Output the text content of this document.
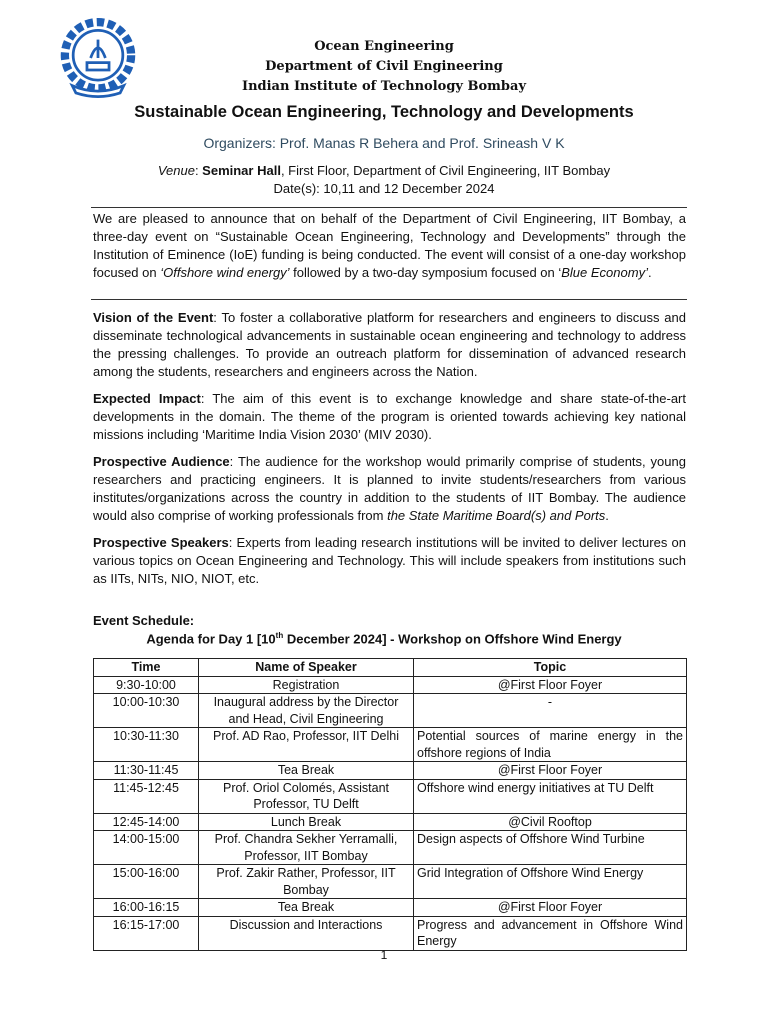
Ocean Engineering
Department of Civil Engineering
Indian Institute of Technology Bombay
Sustainable Ocean Engineering, Technology and Developments
Organizers: Prof. Manas R Behera and Prof. Srineash V K
Venue: Seminar Hall, First Floor, Department of Civil Engineering, IIT Bombay
Date(s): 10,11 and 12 December 2024

We are pleased to announce that on behalf of the Department of Civil Engineering, IIT Bombay, a three-day event on “Sustainable Ocean Engineering, Technology and Developments” through the Institution of Eminence (IoE) funding is being conducted. The event will consist of a one-day workshop focused on ‘Offshore wind energy’ followed by a two-day symposium focused on ‘Blue Economy’.

Vision of the Event: To foster a collaborative platform for researchers and engineers to discuss and disseminate technological advancements in sustainable ocean engineering and technology to address the pressing challenges. To provide an outreach platform for dissemination of advanced research among the students, researchers and engineers across the Nation.

Expected Impact: The aim of this event is to exchange knowledge and share state-of-the-art developments in the domain. The theme of the program is oriented towards achieving key national missions including ‘Maritime India Vision 2030’ (MIV 2030).

Prospective Audience: The audience for the workshop would primarily comprise of students, young researchers and practicing engineers. It is planned to invite students/researchers from various institutes/organizations across the country in addition to the students of IIT Bombay. The audience would also comprise of working professionals from the State Maritime Board(s) and Ports.

Prospective Speakers: Experts from leading research institutions will be invited to deliver lectures on various topics on Ocean Engineering and Technology. This will include speakers from institutions such as IITs, NITs, NIO, NIOT, etc.

Event Schedule:
Agenda for Day 1 [10th December 2024] - Workshop on Offshore Wind Energy
Time	Name of Speaker	Topic
9:30-10:00	Registration	@First Floor Foyer
10:00-10:30	Inaugural address by the Director and Head, Civil Engineering	-
10:30-11:30	Prof. AD Rao, Professor, IIT Delhi	Potential sources of marine energy in the offshore regions of India
11:30-11:45	Tea Break	@First Floor Foyer
11:45-12:45	Prof. Oriol Colomés, Assistant Professor, TU Delft	Offshore wind energy initiatives at TU Delft
12:45-14:00	Lunch Break	@Civil Rooftop
14:00-15:00	Prof. Chandra Sekher Yerramalli, Professor, IIT Bombay	Design aspects of Offshore Wind Turbine
15:00-16:00	Prof. Zakir Rather, Professor, IIT Bombay	Grid Integration of Offshore Wind Energy
16:00-16:15	Tea Break	@First Floor Foyer
16:15-17:00	Discussion and Interactions	Progress and advancement in Offshore Wind Energy
1
